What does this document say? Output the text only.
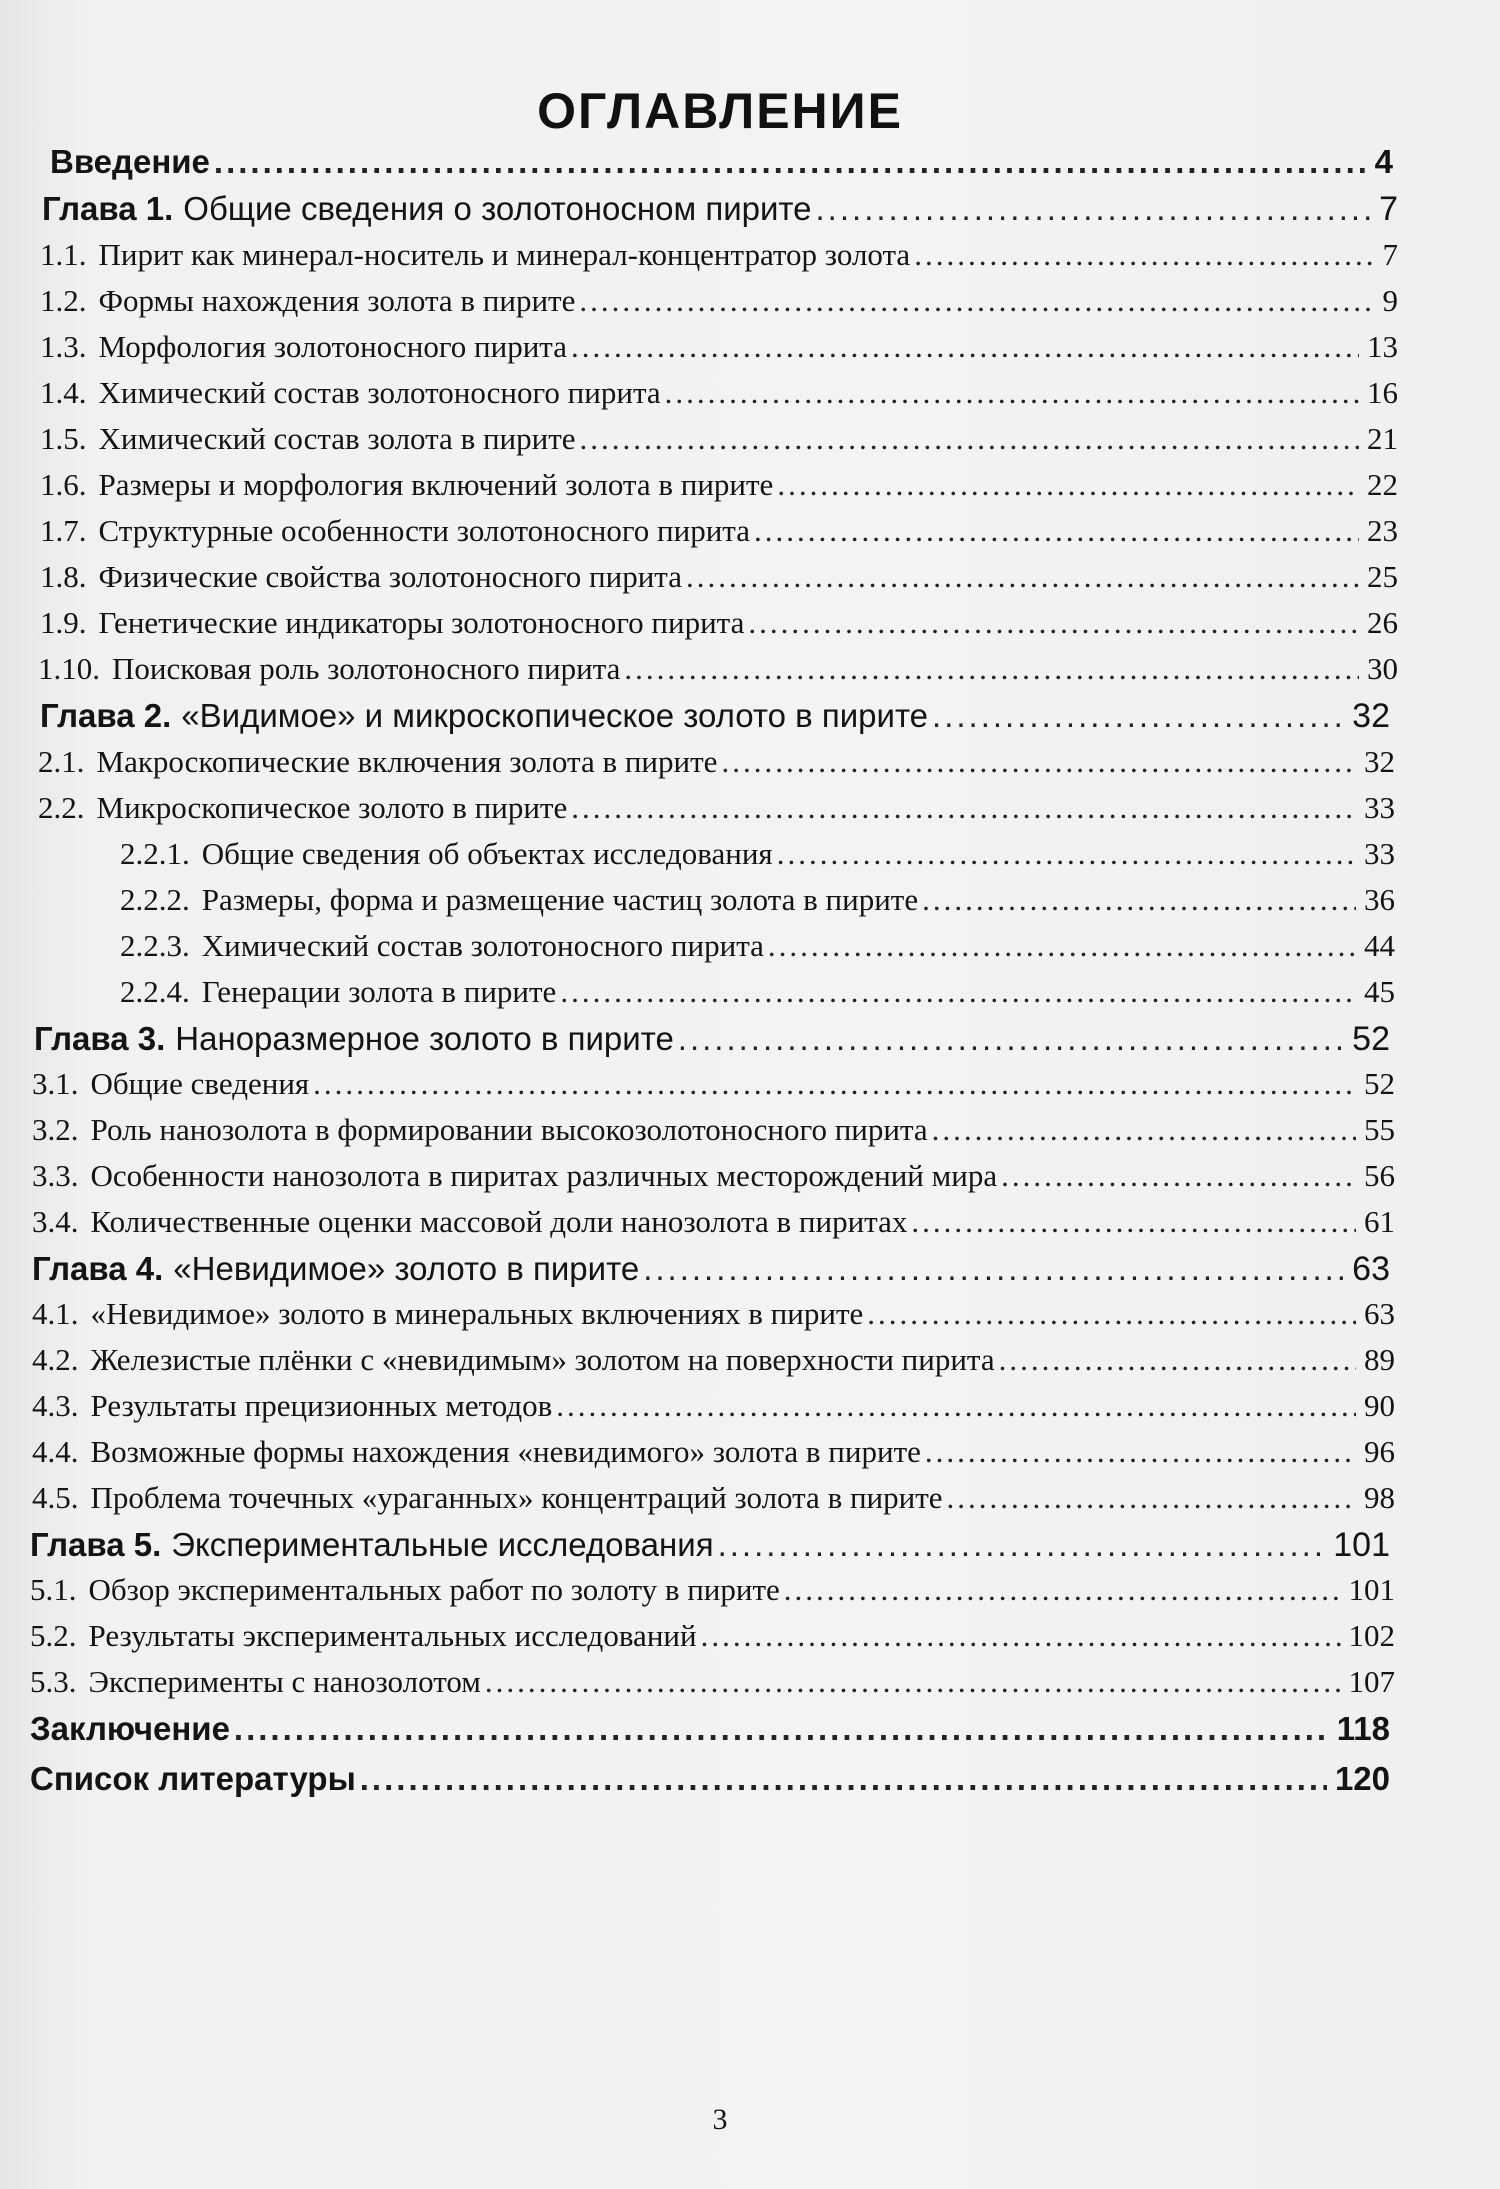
ОГЛАВЛЕНИЕ
Введение .....	4
Глава 1. Общие сведения о золотоносном пирите .....	7
1.1. Пирит как минерал-носитель и минерал-концентратор золота .....	7
1.2. Формы нахождения золота в пирите .....	9
1.3. Морфология золотоносного пирита .....	13
1.4. Химический состав золотоносного пирита .....	16
1.5. Химический состав золота в пирите .....	21
1.6. Размеры и морфология включений золота в пирите .....	22
1.7. Структурные особенности золотоносного пирита .....	23
1.8. Физические свойства золотоносного пирита .....	25
1.9. Генетические индикаторы золотоносного пирита .....	26
1.10. Поисковая роль золотоносного пирита .....	30
Глава 2. «Видимое» и микроскопическое золото в пирите .....	32
2.1. Макроскопические включения золота в пирите .....	32
2.2. Микроскопическое золото в пирите .....	33
2.2.1. Общие сведения об объектах исследования .....	33
2.2.2. Размеры, форма и размещение частиц золота в пирите .....	36
2.2.3. Химический состав золотоносного пирита .....	44
2.2.4. Генерации золота в пирите .....	45
Глава 3. Наноразмерное золото в пирите .....	52
3.1. Общие сведения .....	52
3.2. Роль нанозолота в формировании высокозолотоносного пирита .....	55
3.3. Особенности нанозолота в пиритах различных месторождений мира .....	56
3.4. Количественные оценки массовой доли нанозолота в пиритах .....	61
Глава 4. «Невидимое» золото в пирите .....	63
4.1. «Невидимое» золото в минеральных включениях в пирите .....	63
4.2. Железистые плёнки с «невидимым» золотом на поверхности пирита .....	89
4.3. Результаты прецизионных методов .....	90
4.4. Возможные формы нахождения «невидимого» золота в пирите .....	96
4.5. Проблема точечных «ураганных» концентраций золота в пирите .....	98
Глава 5. Экспериментальные исследования .....	101
5.1. Обзор экспериментальных работ по золоту в пирите .....	101
5.2. Результаты экспериментальных исследований .....	102
5.3. Эксперименты с нанозолотом .....	107
Заключение .....	118
Список литературы .....	120
3
